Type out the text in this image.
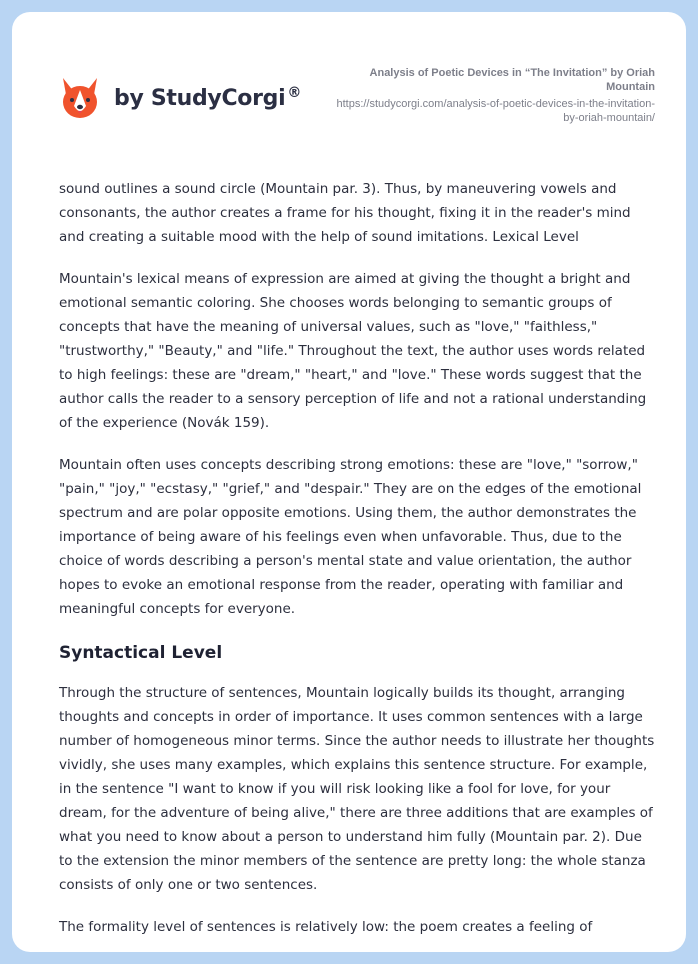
by StudyCorgi ®
Analysis of Poetic Devices in “The Invitation” by Oriah Mountain
https://studycorgi.com/analysis-of-poetic-devices-in-the-invitation-by-oriah-mountain/

sound outlines a sound circle (Mountain par. 3). Thus, by maneuvering vowels and consonants, the author creates a frame for his thought, fixing it in the reader's mind and creating a suitable mood with the help of sound imitations. Lexical Level

Mountain's lexical means of expression are aimed at giving the thought a bright and emotional semantic coloring. She chooses words belonging to semantic groups of concepts that have the meaning of universal values, such as "love," "faithless," "trustworthy," "Beauty," and "life." Throughout the text, the author uses words related to high feelings: these are "dream," "heart," and "love." These words suggest that the author calls the reader to a sensory perception of life and not a rational understanding of the experience (Novák 159).

Mountain often uses concepts describing strong emotions: these are "love," "sorrow," "pain," "joy," "ecstasy," "grief," and "despair." They are on the edges of the emotional spectrum and are polar opposite emotions. Using them, the author demonstrates the importance of being aware of his feelings even when unfavorable. Thus, due to the choice of words describing a person's mental state and value orientation, the author hopes to evoke an emotional response from the reader, operating with familiar and meaningful concepts for everyone.

Syntactical Level

Through the structure of sentences, Mountain logically builds its thought, arranging thoughts and concepts in order of importance. It uses common sentences with a large number of homogeneous minor terms. Since the author needs to illustrate her thoughts vividly, she uses many examples, which explains this sentence structure. For example, in the sentence "I want to know if you will risk looking like a fool for love, for your dream, for the adventure of being alive," there are three additions that are examples of what you need to know about a person to understand him fully (Mountain par. 2). Due to the extension the minor members of the sentence are pretty long: the whole stanza consists of only one or two sentences.

The formality level of sentences is relatively low: the poem creates a feeling of
